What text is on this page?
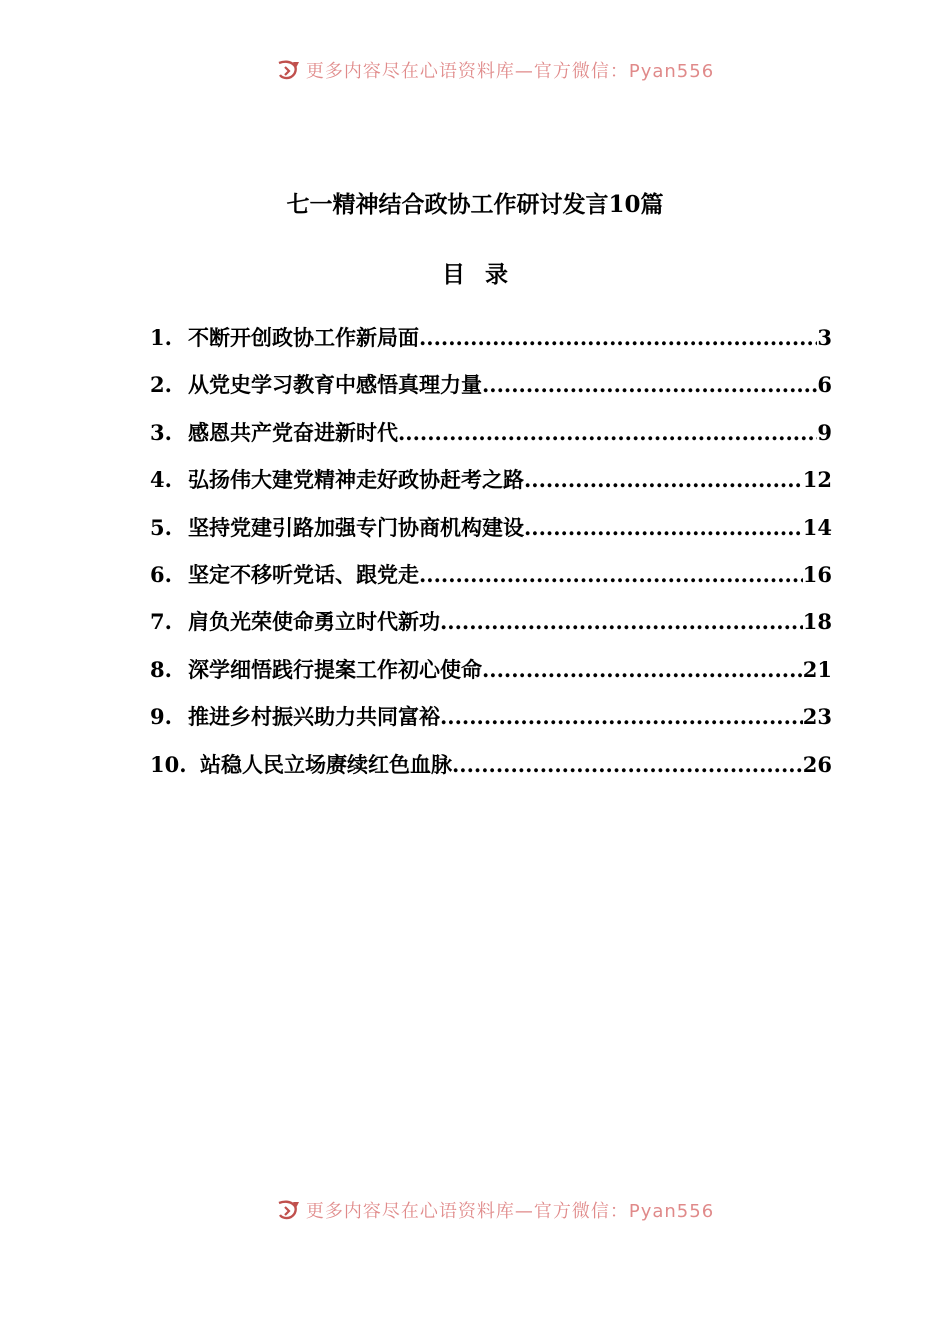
更多内容尽在心语资料库—官方微信：Pyan556
七一精神结合政协工作研讨发言10篇
目 录
1. 不断开创政协工作新局面 .....	3
2. 从党史学习教育中感悟真理力量 .....	6
3. 感恩共产党奋进新时代 .....	9
4. 弘扬伟大建党精神走好政协赶考之路 .....	12
5. 坚持党建引路加强专门协商机构建设 .....	14
6. 坚定不移听党话、跟党走 .....	16
7. 肩负光荣使命勇立时代新功 .....	18
8. 深学细悟践行提案工作初心使命 .....	21
9. 推进乡村振兴助力共同富裕 .....	23
10. 站稳人民立场赓续红色血脉 .....	26
更多内容尽在心语资料库—官方微信：Pyan556
